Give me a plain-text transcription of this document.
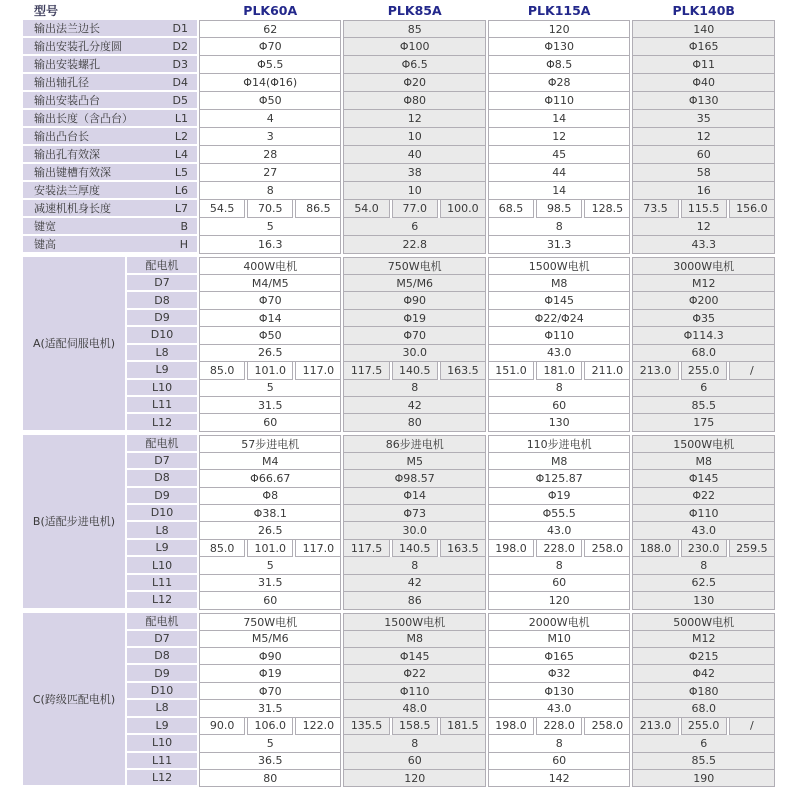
型号		PLK60A			PLK85A			PLK115A			PLK140B		

输出法兰边长 D1		62			85			120			140		

输出安装孔分度圆 D2		Φ70			Φ100			Φ130			Φ165		

输出安装螺孔 D3		Φ5.5			Φ6.5			Φ8.5			Φ11		

输出轴孔径 D4		Φ14(Φ16)			Φ20			Φ28			Φ40		

输出安装凸台 D5		Φ50			Φ80			Φ110			Φ130		

输出长度（含凸台） L1		4			12			14			35		

输出凸台长 L2		3			10			12			12		

输出孔有效深 L4		28			40			45			60		

输出键槽有效深 L5		27			38			44			58		

安装法兰厚度 L6		8			10			14			16		

减速机机身长度 L7		54.5	70.5	86.5	54.0	77.0	100.0	68.5	98.5	128.5	73.5	115.5	156.0

键宽 B		5			6			8			12		

键高 H		16.3			22.8			31.3			43.3		

A(适配伺服电机)	配电机	400W电机			750W电机			1500W电机			3000W电机		
	D7	M4/M5			M5/M6			M8			M12		
	D8	Φ70			Φ90			Φ145			Φ200		
	D9	Φ14			Φ19			Φ22/Φ24			Φ35		
	D10	Φ50			Φ70			Φ110			Φ114.3		
	L8	26.5			30.0			43.0			68.0		
	L9	85.0	101.0	117.0	117.5	140.5	163.5	151.0	181.0	211.0	213.0	255.0	/
	L10	5			8			8			6		
	L11	31.5			42			60			85.5		
	L12	60			80			130			175		

B(适配步进电机)	配电机	57步进电机			86步进电机			110步进电机			1500W电机		
	D7	M4			M5			M8			M8		
	D8	Φ66.67			Φ98.57			Φ125.87			Φ145		
	D9	Φ8			Φ14			Φ19			Φ22		
	D10	Φ38.1			Φ73			Φ55.5			Φ110		
	L8	26.5			30.0			43.0			43.0		
	L9	85.0	101.0	117.0	117.5	140.5	163.5	198.0	228.0	258.0	188.0	230.0	259.5
	L10	5			8			8			8		
	L11	31.5			42			60			62.5		
	L12	60			86			120			130		

C(跨级匹配电机)	配电机	750W电机			1500W电机			2000W电机			5000W电机		
	D7	M5/M6			M8			M10			M12		
	D8	Φ90			Φ145			Φ165			Φ215		
	D9	Φ19			Φ22			Φ32			Φ42		
	D10	Φ70			Φ110			Φ130			Φ180		
	L8	31.5			48.0			43.0			68.0		
	L9	90.0	106.0	122.0	135.5	158.5	181.5	198.0	228.0	258.0	213.0	255.0	/
	L10	5			8			8			6		
	L11	36.5			60			60			85.5		
	L12	80			120			142			190		
